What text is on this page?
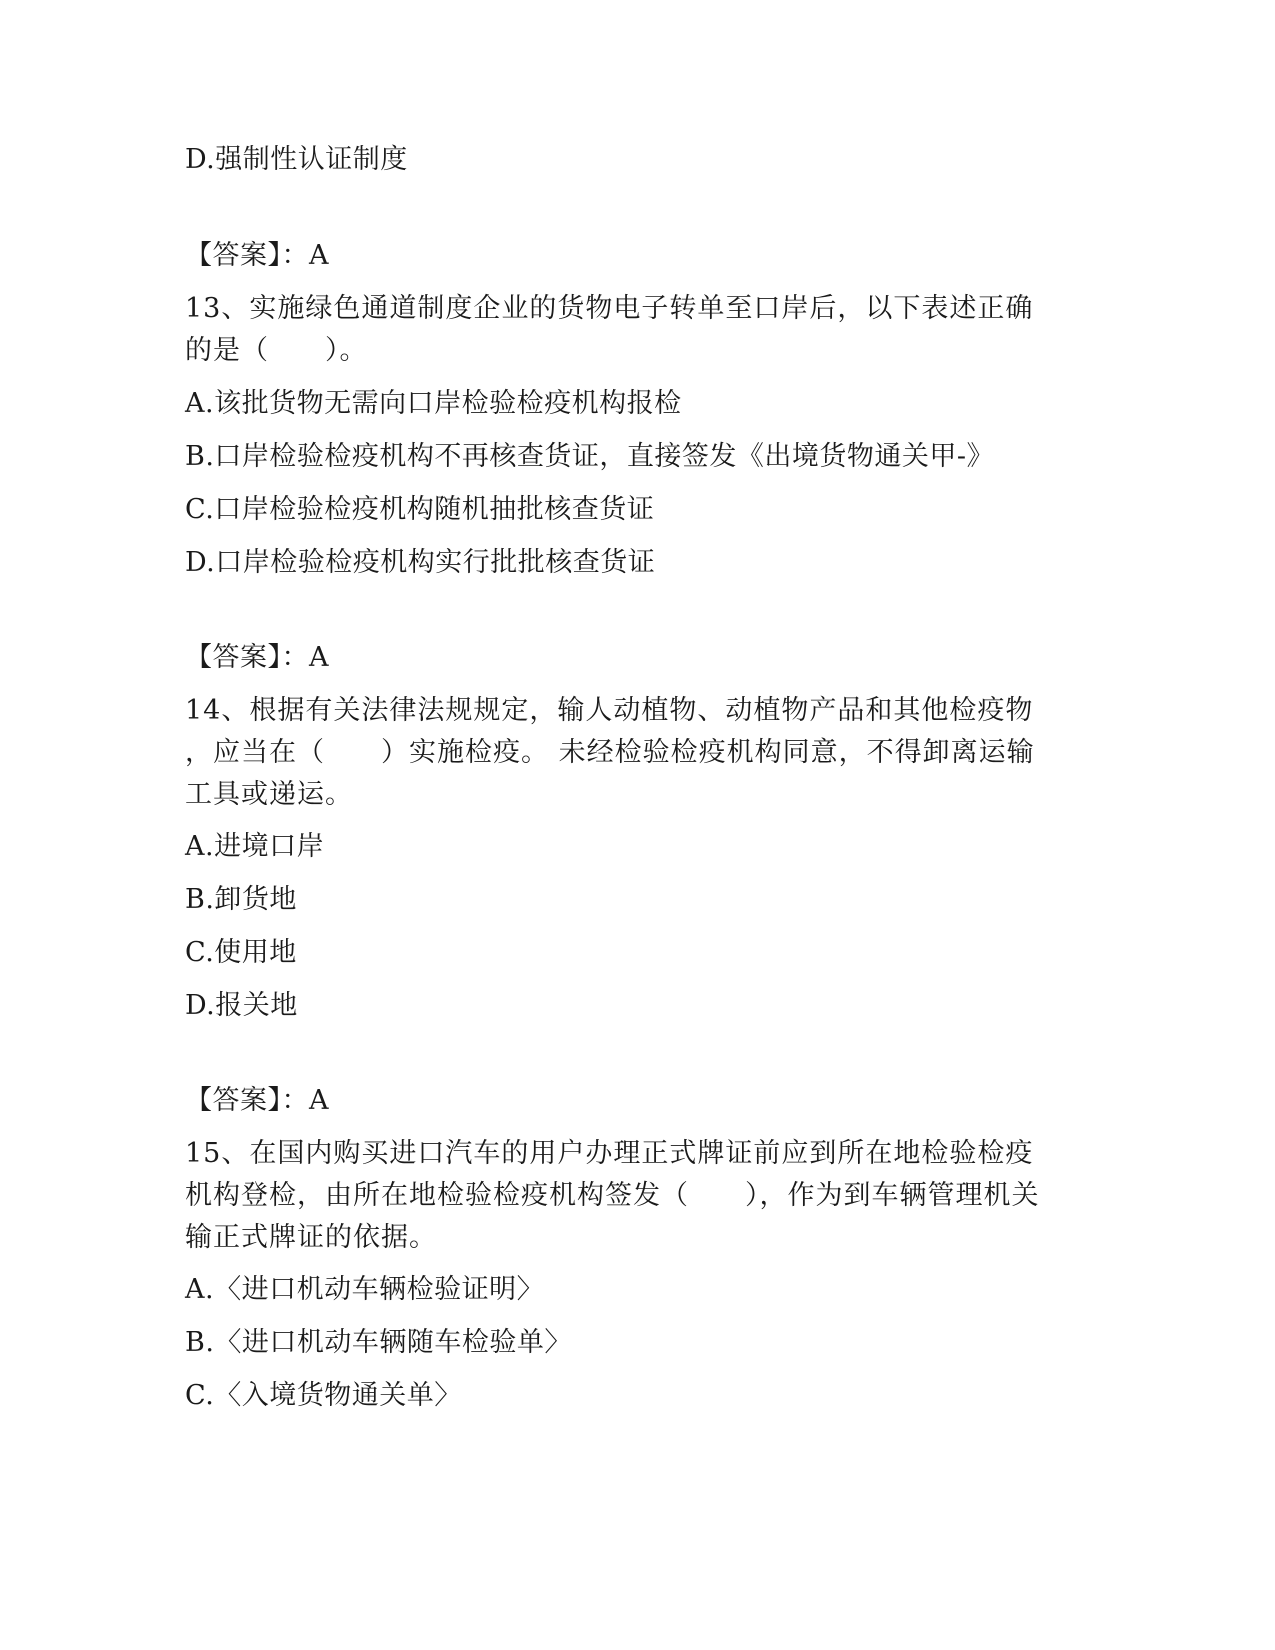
D.强制性认证制度
【答案】：A
13、实施绿色通道制度企业的货物电子转单至口岸后，以下表述正确
的是（　　）。
A.该批货物无需向口岸检验检疫机构报检
B.口岸检验检疫机构不再核查货证，直接签发《出境货物通关甲-》
C.口岸检验检疫机构随机抽批核查货证
D.口岸检验检疫机构实行批批核查货证
【答案】：A
14、根据有关法律法规规定，输人动植物、动植物产品和其他检疫物
，应当在（　　）实施检疫。 未经检验检疫机构同意，不得卸离运输
工具或递运。
A.进境口岸
B.卸货地
C.使用地
D.报关地
【答案】：A
15、在国内购买进口汽车的用户办理正式牌证前应到所在地检验检疫
机构登检，由所在地检验检疫机构签发（　　），作为到车辆管理机关
输正式牌证的依据。
A.〈进口机动车辆检验证明〉
B.〈进口机动车辆随车检验单〉
C.〈入境货物通关单〉
